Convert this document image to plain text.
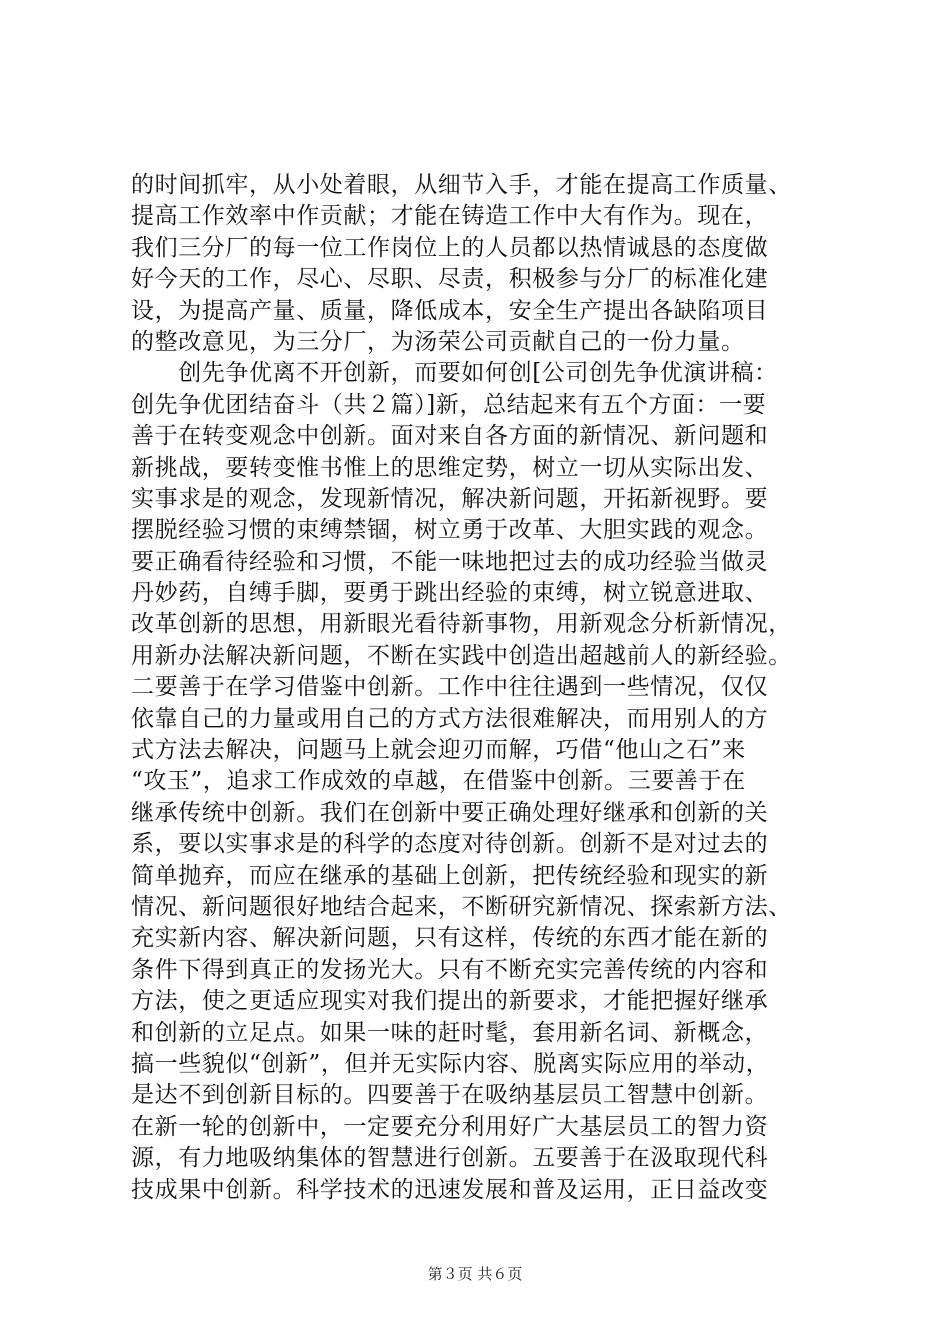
的时间抓牢，从小处着眼，从细节入手，才能在提高工作质量、
提高工作效率中作贡献；才能在铸造工作中大有作为。现在，
我们三分厂的每一位工作岗位上的人员都以热情诚恳的态度做
好今天的工作，尽心、尽职、尽责，积极参与分厂的标准化建
设，为提高产量、质量，降低成本，安全生产提出各缺陷项目
的整改意见，为三分厂，为汤荣公司贡献自己的一份力量。
　　创先争优离不开创新，而要如何创[公司创先争优演讲稿：
创先争优团结奋斗（共２篇）]新，总结起来有五个方面：一要
善于在转变观念中创新。面对来自各方面的新情况、新问题和
新挑战，要转变惟书惟上的思维定势，树立一切从实际出发、
实事求是的观念，发现新情况，解决新问题，开拓新视野。要
摆脱经验习惯的束缚禁锢，树立勇于改革、大胆实践的观念。
要正确看待经验和习惯，不能一味地把过去的成功经验当做灵
丹妙药，自缚手脚，要勇于跳出经验的束缚，树立锐意进取、
改革创新的思想，用新眼光看待新事物，用新观念分析新情况，
用新办法解决新问题，不断在实践中创造出超越前人的新经验。
二要善于在学习借鉴中创新。工作中往往遇到一些情况，仅仅
依靠自己的力量或用自己的方式方法很难解决，而用别人的方
式方法去解决，问题马上就会迎刃而解，巧借“他山之石”来
“攻玉”，追求工作成效的卓越，在借鉴中创新。三要善于在
继承传统中创新。我们在创新中要正确处理好继承和创新的关
系，要以实事求是的科学的态度对待创新。创新不是对过去的
简单抛弃，而应在继承的基础上创新，把传统经验和现实的新
情况、新问题很好地结合起来，不断研究新情况、探索新方法、
充实新内容、解决新问题，只有这样，传统的东西才能在新的
条件下得到真正的发扬光大。只有不断充实完善传统的内容和
方法，使之更适应现实对我们提出的新要求，才能把握好继承
和创新的立足点。如果一味的赶时髦，套用新名词、新概念，
搞一些貌似“创新”，但并无实际内容、脱离实际应用的举动，
是达不到创新目标的。四要善于在吸纳基层员工智慧中创新。
在新一轮的创新中，一定要充分利用好广大基层员工的智力资
源，有力地吸纳集体的智慧进行创新。五要善于在汲取现代科
技成果中创新。科学技术的迅速发展和普及运用，正日益改变
第３页 共６页
